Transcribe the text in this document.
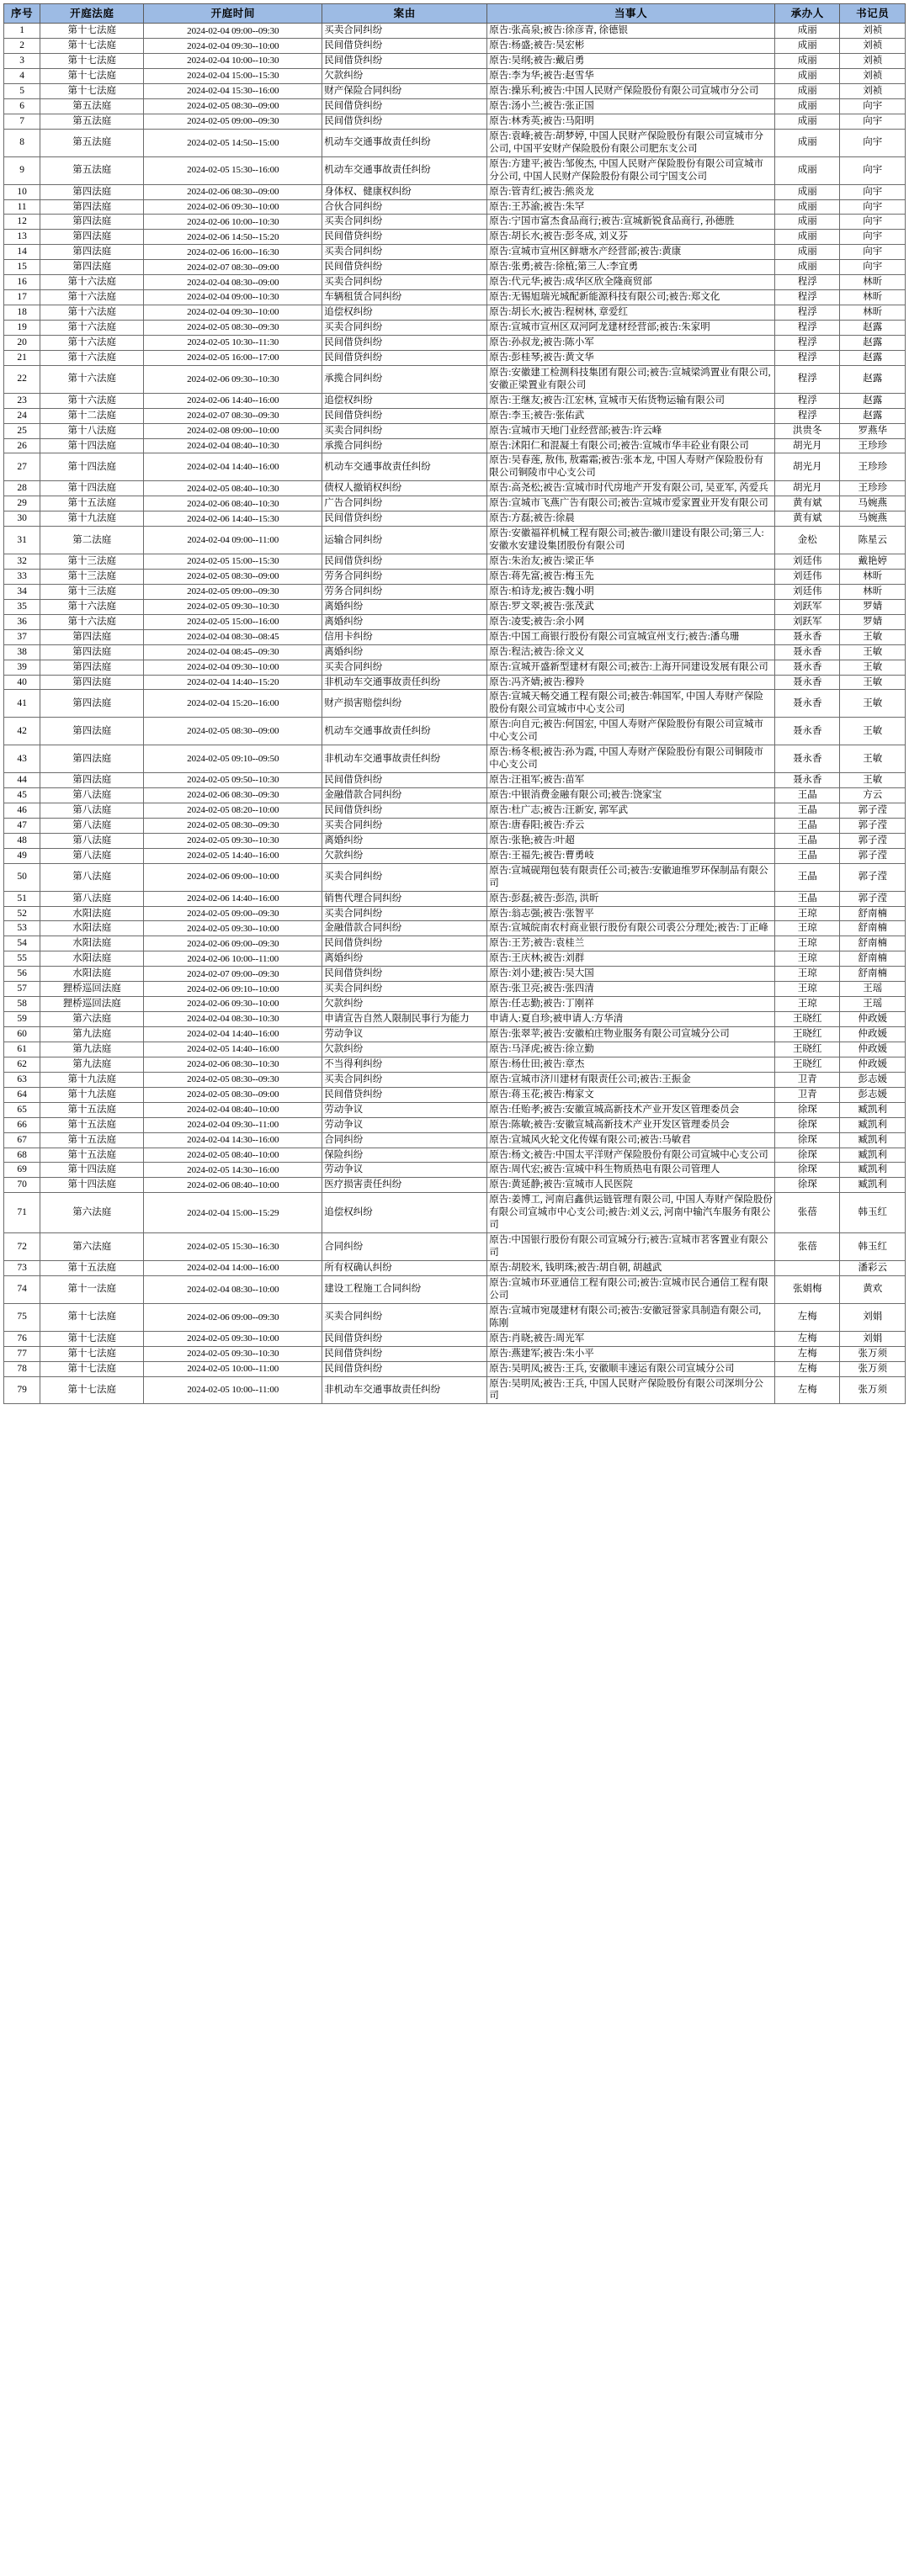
序号	开庭法庭	开庭时间	案由	当事人	承办人	书记员
1	第十七法庭	2024-02-04 09:00--09:30	买卖合同纠纷	原告:张高泉;被告:徐彦青, 徐德银	成丽	刘祯
2	第十七法庭	2024-02-04 09:30--10:00	民间借贷纠纷	原告:杨盛;被告:吴宏彬	成丽	刘祯
3	第十七法庭	2024-02-04 10:00--10:30	民间借贷纠纷	原告:吴纲;被告:戴启勇	成丽	刘祯
4	第十七法庭	2024-02-04 15:00--15:30	欠款纠纷	原告:李为华;被告:赵雪华	成丽	刘祯
5	第十七法庭	2024-02-04 15:30--16:00	财产保险合同纠纷	原告:操乐利;被告:中国人民财产保险股份有限公司宣城市分公司	成丽	刘祯
6	第五法庭	2024-02-05 08:30--09:00	民间借贷纠纷	原告:汤小兰;被告:张正国	成丽	向宇
7	第五法庭	2024-02-05 09:00--09:30	民间借贷纠纷	原告:林秀英;被告:马阳明	成丽	向宇
8	第五法庭	2024-02-05 14:50--15:00	机动车交通事故责任纠纷	原告:袁峰;被告:胡梦婷, 中国人民财产保险股份有限公司宣城市分公司, 中国平安财产保险股份有限公司肥东支公司	成丽	向宇
9	第五法庭	2024-02-05 15:30--16:00	机动车交通事故责任纠纷	原告:方建平;被告:邹俊杰, 中国人民财产保险股份有限公司宣城市分公司, 中国人民财产保险股份有限公司宁国支公司	成丽	向宇
10	第四法庭	2024-02-06 08:30--09:00	身体权、健康权纠纷	原告:管青红;被告:熊炎龙	成丽	向宇
11	第四法庭	2024-02-06 09:30--10:00	合伙合同纠纷	原告:王苏渝;被告:朱罕	成丽	向宇
12	第四法庭	2024-02-06 10:00--10:30	买卖合同纠纷	原告:宁国市富杰食品商行;被告:宣城新锐食品商行, 孙德胜	成丽	向宇
13	第四法庭	2024-02-06 14:50--15:20	民间借贷纠纷	原告:胡长水;被告:彭冬成, 刘义芬	成丽	向宇
14	第四法庭	2024-02-06 16:00--16:30	买卖合同纠纷	原告:宣城市宣州区鲜塘水产经营部;被告:黄康	成丽	向宇
15	第四法庭	2024-02-07 08:30--09:00	民间借贷纠纷	原告:张勇;被告:徐植;第三人:李宜勇	成丽	向宇
16	第十六法庭	2024-02-04 08:30--09:00	买卖合同纠纷	原告:代元华;被告:成华区欣全隆商贸部	程浮	林昕
17	第十六法庭	2024-02-04 09:00--10:30	车辆租赁合同纠纷	原告:无锡旭瑞光城配新能源科技有限公司;被告:郑文化	程浮	林昕
18	第十六法庭	2024-02-04 09:30--10:00	追偿权纠纷	原告:胡长水;被告:程树林, 章爱红	程浮	林昕
19	第十六法庭	2024-02-05 08:30--09:30	买卖合同纠纷	原告:宣城市宣州区双河阿龙建材经营部;被告:朱家明	程浮	赵露
20	第十六法庭	2024-02-05 10:30--11:30	民间借贷纠纷	原告:孙叔龙;被告:陈小军	程浮	赵露
21	第十六法庭	2024-02-05 16:00--17:00	民间借贷纠纷	原告:彭桂琴;被告:黄文华	程浮	赵露
22	第十六法庭	2024-02-06 09:30--10:30	承揽合同纠纷	原告:安徽建工检测科技集团有限公司;被告:宣城梁鸿置业有限公司, 安徽正梁置业有限公司	程浮	赵露
23	第十六法庭	2024-02-06 14:40--16:00	追偿权纠纷	原告:王继友;被告:江宏林, 宣城市天佑货物运输有限公司	程浮	赵露
24	第十二法庭	2024-02-07 08:30--09:30	民间借贷纠纷	原告:李玉;被告:张佑武	程浮	赵露
25	第十八法庭	2024-02-08 09:00--10:00	买卖合同纠纷	原告:宣城市天地门业经营部;被告:许云峰	洪贵冬	罗燕华
26	第十四法庭	2024-02-04 08:40--10:30	承揽合同纠纷	原告:沭阳仁和混凝土有限公司;被告:宣城市华丰砼业有限公司	胡光月	王珍珍
27	第十四法庭	2024-02-04 14:40--16:00	机动车交通事故责任纠纷	原告:吴春莲, 敖伟, 敖霜霜;被告:张本龙, 中国人寿财产保险股份有限公司铜陵市中心支公司	胡光月	王珍珍
28	第十四法庭	2024-02-05 08:40--10:30	债权人撤销权纠纷	原告:高尧松;被告:宣城市时代房地产开发有限公司, 吴亚军, 芮爱兵	胡光月	王珍珍
29	第十五法庭	2024-02-06 08:40--10:30	广告合同纠纷	原告:宣城市飞燕广告有限公司;被告:宣城市爱家置业开发有限公司	黄有斌	马婉燕
30	第十九法庭	2024-02-06 14:40--15:30	民间借贷纠纷	原告:方磊;被告:徐晨	黄有斌	马婉燕
31	第二法庭	2024-02-04 09:00--11:00	运输合同纠纷	原告:安徽福祥机械工程有限公司;被告:徽川建设有限公司;第三人:安徽水安建设集团股份有限公司	金松	陈星云
32	第十三法庭	2024-02-05 15:00--15:30	民间借贷纠纷	原告:朱治友;被告:梁正华	刘廷伟	戴艳婷
33	第十三法庭	2024-02-05 08:30--09:00	劳务合同纠纷	原告:蒋先富;被告:梅玉先	刘廷伟	林昕
34	第十三法庭	2024-02-05 09:00--09:30	劳务合同纠纷	原告:柏诗龙;被告:魏小明	刘廷伟	林昕
35	第十六法庭	2024-02-05 09:30--10:30	离婚纠纷	原告:罗文翠;被告:张茂武	刘跃军	罗婧
36	第十六法庭	2024-02-05 15:00--16:00	离婚纠纷	原告:凌雯;被告:余小网	刘跃军	罗婧
37	第四法庭	2024-02-04 08:30--08:45	信用卡纠纷	原告:中国工商银行股份有限公司宣城宣州支行;被告:潘乌珊	聂永香	王敏
38	第四法庭	2024-02-04 08:45--09:30	离婚纠纷	原告:程洁;被告:徐文义	聂永香	王敏
39	第四法庭	2024-02-04 09:30--10:00	买卖合同纠纷	原告:宣城开盛新型建材有限公司;被告:上海开同建设发展有限公司	聂永香	王敏
40	第四法庭	2024-02-04 14:40--15:20	非机动车交通事故责任纠纷	原告:冯齐婧;被告:穆羚	聂永香	王敏
41	第四法庭	2024-02-04 15:20--16:00	财产损害赔偿纠纷	原告:宣城天畅交通工程有限公司;被告:韩国军, 中国人寿财产保险股份有限公司宣城市中心支公司	聂永香	王敏
42	第四法庭	2024-02-05 08:30--09:00	机动车交通事故责任纠纷	原告:向自元;被告:何国宏, 中国人寿财产保险股份有限公司宣城市中心支公司	聂永香	王敏
43	第四法庭	2024-02-05 09:10--09:50	非机动车交通事故责任纠纷	原告:杨冬根;被告:孙为霞, 中国人寿财产保险股份有限公司铜陵市中心支公司	聂永香	王敏
44	第四法庭	2024-02-05 09:50--10:30	民间借贷纠纷	原告:汪祖军;被告:苗军	聂永香	王敏
45	第八法庭	2024-02-06 08:30--09:30	金融借款合同纠纷	原告:中银消费金融有限公司;被告:饶家宝	王晶	方云
46	第八法庭	2024-02-05 08:20--10:00	民间借贷纠纷	原告:杜广志;被告:汪新安, 郭军武	王晶	郭子滢
47	第八法庭	2024-02-05 08:30--09:30	买卖合同纠纷	原告:唐春阳;被告:乔云	王晶	郭子滢
48	第八法庭	2024-02-05 09:30--10:30	离婚纠纷	原告:张艳;被告:叶超	王晶	郭子滢
49	第八法庭	2024-02-05 14:40--16:00	欠款纠纷	原告:王福先;被告:曹勇岐	王晶	郭子滢
50	第八法庭	2024-02-06 09:00--10:00	买卖合同纠纷	原告:宣城砚翔包装有限责任公司;被告:安徽迪维罗环保制品有限公司	王晶	郭子滢
51	第八法庭	2024-02-06 14:40--16:00	销售代理合同纠纷	原告:彭磊;被告:彭浩, 洪昕	王晶	郭子滢
52	水阳法庭	2024-02-05 09:00--09:30	买卖合同纠纷	原告:翁志强;被告:张智平	王琼	舒南楠
53	水阳法庭	2024-02-05 09:30--10:00	金融借款合同纠纷	原告:宣城皖南农村商业银行股份有限公司裘公分理处;被告:丁正峰	王琼	舒南楠
54	水阳法庭	2024-02-06 09:00--09:30	民间借贷纠纷	原告:王芳;被告:袁桂兰	王琼	舒南楠
55	水阳法庭	2024-02-06 10:00--11:00	离婚纠纷	原告:王庆林;被告:刘群	王琼	舒南楠
56	水阳法庭	2024-02-07 09:00--09:30	民间借贷纠纷	原告:刘小建;被告:吴大国	王琼	舒南楠
57	狸桥巡回法庭	2024-02-06 09:10--10:00	买卖合同纠纷	原告:张卫亮;被告:张四清	王琼	王瑶
58	狸桥巡回法庭	2024-02-06 09:30--10:00	欠款纠纷	原告:任志勤;被告:丁刚祥	王琼	王瑶
59	第六法庭	2024-02-04 08:30--10:30	申请宣告自然人限制民事行为能力	申请人:夏自珍;被申请人:方华清	王晓红	仲政媛
60	第九法庭	2024-02-04 14:40--16:00	劳动争议	原告:张翠苹;被告:安徽柏庄物业服务有限公司宣城分公司	王晓红	仲政媛
61	第九法庭	2024-02-05 14:40--16:00	欠款纠纷	原告:马泽虎;被告:徐立勤	王晓红	仲政媛
62	第九法庭	2024-02-06 08:30--10:30	不当得利纠纷	原告:杨仕田;被告:章杰	王晓红	仲政媛
63	第十九法庭	2024-02-05 08:30--09:30	买卖合同纠纷	原告:宣城市济川建材有限责任公司;被告:王振金	卫青	彭志媛
64	第十九法庭	2024-02-05 08:30--09:00	民间借贷纠纷	原告:蒋玉花;被告:梅家文	卫青	彭志媛
65	第十五法庭	2024-02-04 08:40--10:00	劳动争议	原告:任贻孝;被告:安徽宣城高新技术产业开发区管理委员会	徐琛	臧凯利
66	第十五法庭	2024-02-04 09:30--11:00	劳动争议	原告:陈敏;被告:安徽宣城高新技术产业开发区管理委员会	徐琛	臧凯利
67	第十五法庭	2024-02-04 14:30--16:00	合同纠纷	原告:宣城风火轮文化传媒有限公司;被告:马敏君	徐琛	臧凯利
68	第十五法庭	2024-02-05 08:40--10:00	保险纠纷	原告:杨文;被告:中国太平洋财产保险股份有限公司宣城中心支公司	徐琛	臧凯利
69	第十四法庭	2024-02-05 14:30--16:00	劳动争议	原告:周代宏;被告:宣城中科生物质热电有限公司管理人	徐琛	臧凯利
70	第十四法庭	2024-02-06 08:40--10:00	医疗损害责任纠纷	原告:黄延静;被告:宣城市人民医院	徐琛	臧凯利
71	第六法庭	2024-02-04 15:00--15:29	追偿权纠纷	原告:姜博工, 河南启鑫供运链管理有限公司, 中国人寿财产保险股份有限公司宣城市中心支公司;被告:刘义云, 河南中输汽车服务有限公司	张蓓	韩玉红
72	第六法庭	2024-02-05 15:30--16:30	合同纠纷	原告:中国银行股份有限公司宣城分行;被告:宣城市茗客置业有限公司	张蓓	韩玉红
73	第十五法庭	2024-02-04 14:00--16:00	所有权确认纠纷	原告:胡胶米, 钱明珠;被告:胡自朝, 胡越武		潘彩云
74	第十一法庭	2024-02-04 08:30--10:00	建设工程施工合同纠纷	原告:宣城市环亚通信工程有限公司;被告:宣城市民合通信工程有限公司	张娟梅	黄欢
75	第十七法庭	2024-02-06 09:00--09:30	买卖合同纠纷	原告:宣城市宛晟建材有限公司;被告:安徽冠誉家具制造有限公司, 陈刚	左梅	刘娟
76	第十七法庭	2024-02-05 09:30--10:00	民间借贷纠纷	原告:肖晓;被告:周光军	左梅	刘娟
77	第十七法庭	2024-02-05 09:30--10:30	民间借贷纠纷	原告:燕建军;被告:朱小平	左梅	张万须
78	第十七法庭	2024-02-05 10:00--11:00	民间借贷纠纷	原告:吴明凤;被告:王兵, 安徽顺丰速运有限公司宣城分公司	左梅	张万须
79	第十七法庭	2024-02-05 10:00--11:00	非机动车交通事故责任纠纷	原告:吴明凤;被告:王兵, 中国人民财产保险股份有限公司深圳分公司	左梅	张万须
